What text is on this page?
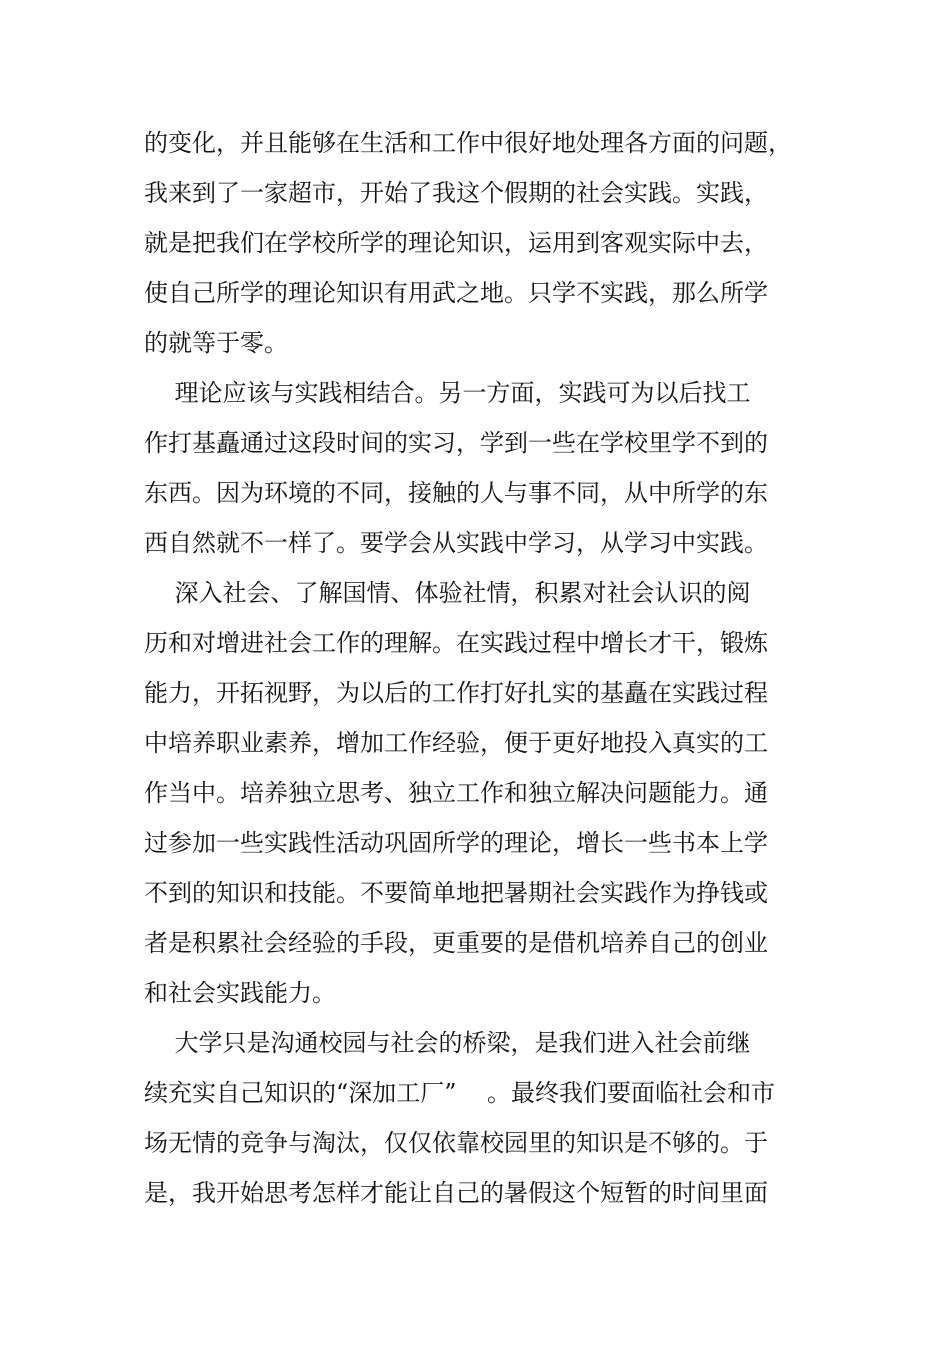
的变化，并且能够在生活和工作中很好地处理各方面的问题，
我来到了一家超市，开始了我这个假期的社会实践。实践，
就是把我们在学校所学的理论知识，运用到客观实际中去，
使自己所学的理论知识有用武之地。只学不实践，那么所学
的就等于零。
理论应该与实践相结合。另一方面，实践可为以后找工
作打基矗通过这段时间的实习，学到一些在学校里学不到的
东西。因为环境的不同，接触的人与事不同，从中所学的东
西自然就不一样了。要学会从实践中学习，从学习中实践。
深入社会、了解国情、体验社情，积累对社会认识的阅
历和对增进社会工作的理解。在实践过程中增长才干，锻炼
能力，开拓视野，为以后的工作打好扎实的基矗在实践过程
中培养职业素养，增加工作经验，便于更好地投入真实的工
作当中。培养独立思考、独立工作和独立解决问题能力。通
过参加一些实践性活动巩固所学的理论，增长一些书本上学
不到的知识和技能。不要简单地把暑期社会实践作为挣钱或
者是积累社会经验的手段，更重要的是借机培养自己的创业
和社会实践能力。
大学只是沟通校园与社会的桥梁，是我们进入社会前继
续充实自己知识的“深加工厂”    。最终我们要面临社会和市
场无情的竞争与淘汰，仅仅依靠校园里的知识是不够的。于
是，我开始思考怎样才能让自己的暑假这个短暂的时间里面
